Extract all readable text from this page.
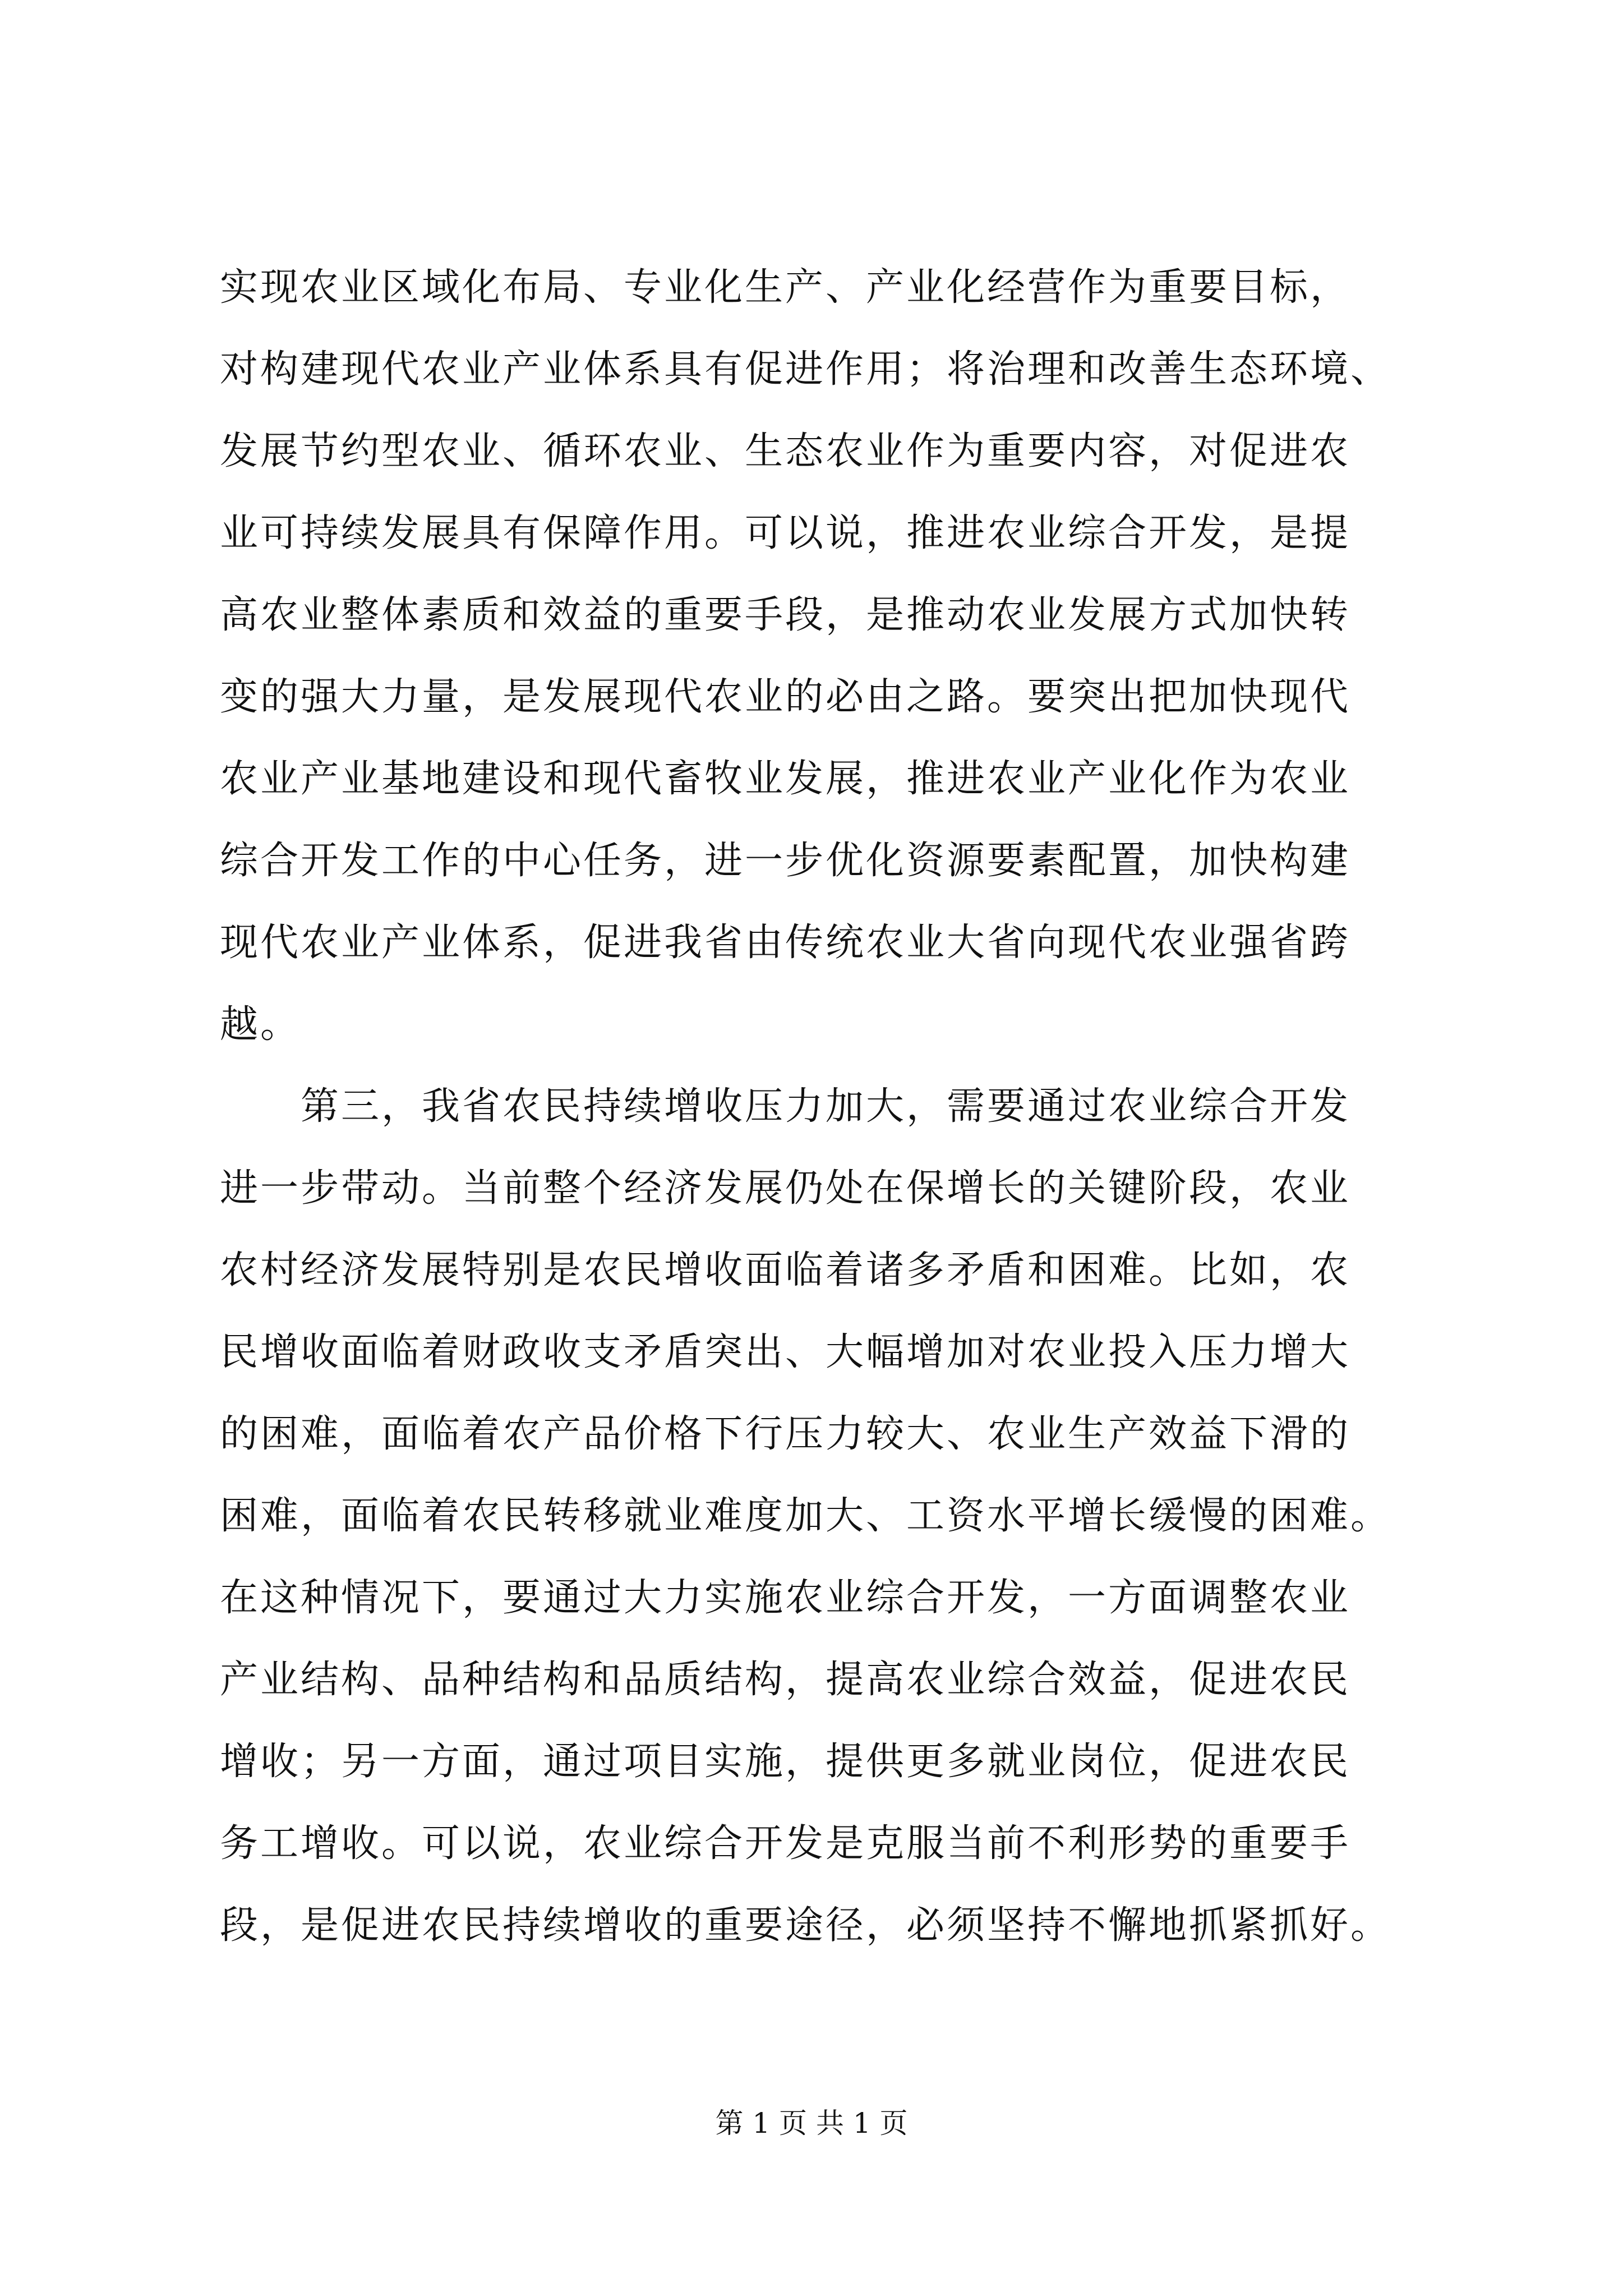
实现农业区域化布局、专业化生产、产业化经营作为重要目标，
对构建现代农业产业体系具有促进作用；将治理和改善生态环境、
发展节约型农业、循环农业、生态农业作为重要内容，对促进农
业可持续发展具有保障作用。可以说，推进农业综合开发，是提
高农业整体素质和效益的重要手段，是推动农业发展方式加快转
变的强大力量，是发展现代农业的必由之路。要突出把加快现代
农业产业基地建设和现代畜牧业发展，推进农业产业化作为农业
综合开发工作的中心任务，进一步优化资源要素配置，加快构建
现代农业产业体系，促进我省由传统农业大省向现代农业强省跨
越。
　　第三，我省农民持续增收压力加大，需要通过农业综合开发
进一步带动。当前整个经济发展仍处在保增长的关键阶段，农业
农村经济发展特别是农民增收面临着诸多矛盾和困难。比如，农
民增收面临着财政收支矛盾突出、大幅增加对农业投入压力增大
的困难，面临着农产品价格下行压力较大、农业生产效益下滑的
困难，面临着农民转移就业难度加大、工资水平增长缓慢的困难。
在这种情况下，要通过大力实施农业综合开发，一方面调整农业
产业结构、品种结构和品质结构，提高农业综合效益，促进农民
增收；另一方面，通过项目实施，提供更多就业岗位，促进农民
务工增收。可以说，农业综合开发是克服当前不利形势的重要手
段，是促进农民持续增收的重要途径，必须坚持不懈地抓紧抓好。
第 1 页 共 1 页
